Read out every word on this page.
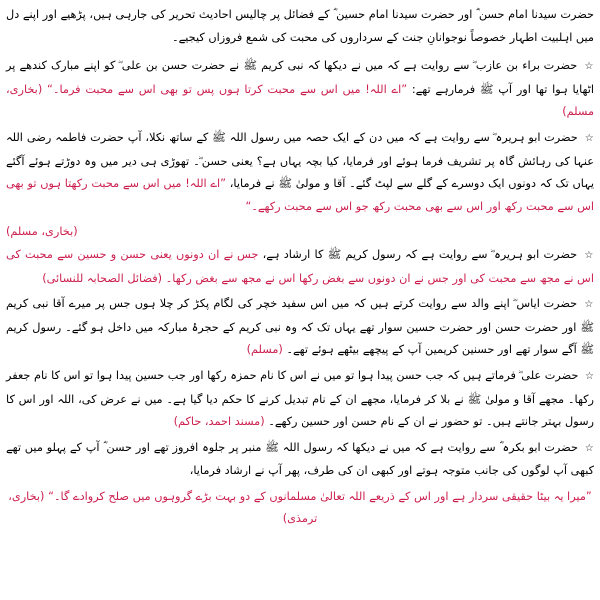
حضرت سیدنا امام حسن ؓ اور حضرت سیدنا امام حسین ؓ کے فضائل پر چالیس احادیث تحریر کی جارہی ہیں، پڑھیے اور اپنے دل میں اہلبیت اطہار خصوصاً نوجوانانِ جنت کے سرداروں کی محبت کی شمع فروزاں کیجیے۔

☆ حضرت براء بن عازب ؓ سے روایت ہے کہ میں نے دیکھا کہ نبی کریم ﷺ نے حضرت حسن بن علی ؓ کو اپنے مبارک کندھے پر اٹھایا ہوا تھا اور آپ ﷺ فرمارہے تھے: ”اے اللہ! میں اس سے محبت کرتا ہوں پس تو بھی اس سے محبت فرما۔“ (بخاری، مسلم)

☆ حضرت ابو ہریرہ ؓ سے روایت ہے کہ میں دن کے ایک حصہ میں رسول اللہ ﷺ کے ساتھ نکلا، آپ حضرت فاطمہ رضی اللہ عنہا کی رہائش گاہ پر تشریف فرما ہوئے اور فرمایا، کیا بچہ یہاں ہے؟ یعنی حسن ؓ۔ تھوڑی ہی دیر میں وہ دوڑتے ہوئے آگئے یہاں تک کہ دونوں ایک دوسرے کے گلے سے لپٹ گئے۔ آقا و مولیٰ ﷺ نے فرمایا، ”اے اللہ! میں اس سے محبت رکھتا ہوں تو بھی اس سے محبت رکھ اور اس سے بھی محبت رکھ جو اس سے محبت رکھے۔“

(بخاری، مسلم)

☆ حضرت ابو ہریرہ ؓ سے روایت ہے کہ رسول کریم ﷺ کا ارشاد ہے، جس نے ان دونوں یعنی حسن و حسین سے محبت کی اس نے مجھ سے محبت کی اور جس نے ان دونوں سے بغض رکھا اس نے مجھ سے بغض رکھا۔ (فضائل الصحابہ للنسائی)

☆ حضرت ایاس ؓ اپنے والد سے روایت کرتے ہیں کہ میں اس سفید خچر کی لگام پکڑ کر چلا ہوں جس پر میرے آقا نبی کریم ﷺ اور حضرت حسن اور حضرت حسین سوار تھے یہاں تک کہ وہ نبی کریم کے حجرۂ مبارکہ میں داخل ہو گئے۔ رسول کریم ﷺ آگے سوار تھے اور حسنین کریمین آپ کے پیچھے بیٹھے ہوئے تھے۔ (مسلم)

☆ حضرت علی ؓ فرماتے ہیں کہ جب حسن پیدا ہوا تو میں نے اس کا نام حمزہ رکھا اور جب حسین پیدا ہوا تو اس کا نام جعفر رکھا۔ مجھے آقا و مولیٰ ﷺ نے بلا کر فرمایا، مجھے ان کے نام تبدیل کرنے کا حکم دیا گیا ہے۔ میں نے عرض کی، اللہ اور اس کا رسول بہتر جانتے ہیں۔ تو حضور نے ان کے نام حسن اور حسین رکھے۔ (مسند احمد، حاکم)

☆ حضرت ابو بکرہ ؓ سے روایت ہے کہ میں نے دیکھا کہ رسول اللہ ﷺ منبر پر جلوہ افروز تھے اور حسن ؓ آپ کے پہلو میں تھے کبھی آپ لوگوں کی جانب متوجہ ہوتے اور کبھی ان کی طرف، پھر آپ نے ارشاد فرمایا،

”میرا یہ بیٹا حقیقی سردار ہے اور اس کے ذریعے اللہ تعالیٰ مسلمانوں کے دو بہت بڑے گروہوں میں صلح کروادے گا۔“ (بخاری، ترمذی)
